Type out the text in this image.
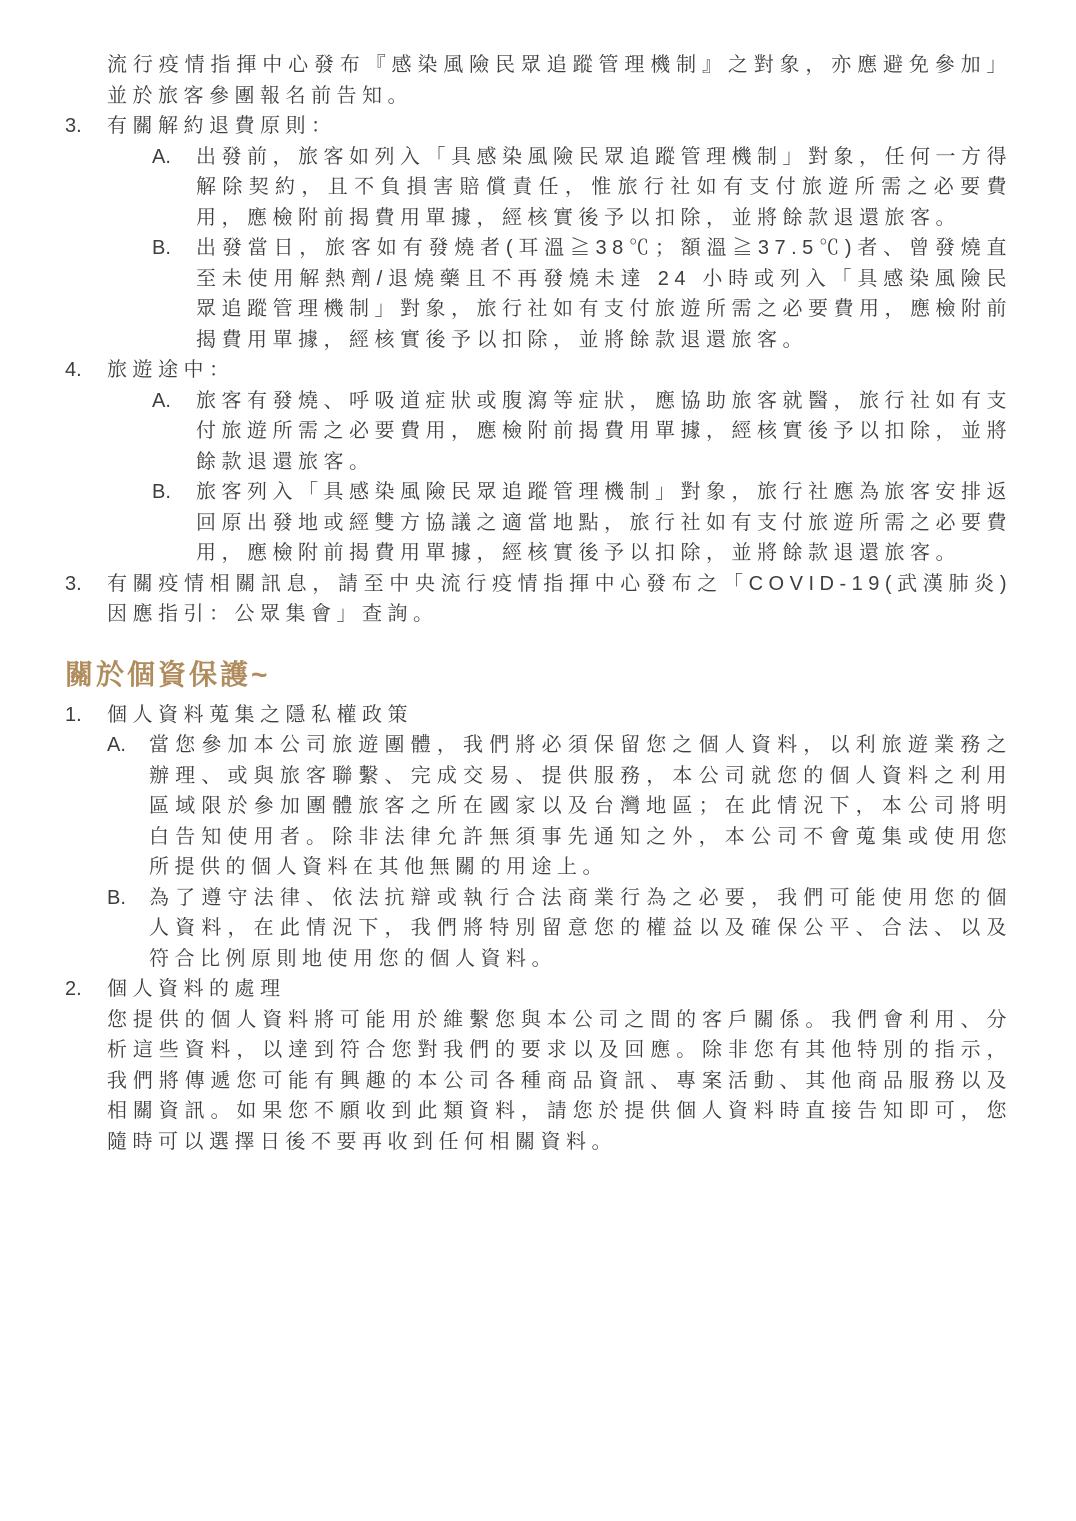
流行疫情指揮中心發布『感染風險民眾追蹤管理機制』之對象，亦應避免參加」並於旅客參團報名前告知。

3.	有關解約退費原則：

A.	出發前，旅客如列入「具感染風險民眾追蹤管理機制」對象，任何一方得解除契約，且不負損害賠償責任，惟旅行社如有支付旅遊所需之必要費用，應檢附前揭費用單據，經核實後予以扣除，並將餘款退還旅客。

B.	出發當日，旅客如有發燒者(耳溫≧38℃；額溫≧37.5℃)者、曾發燒直至未使用解熱劑/退燒藥且不再發燒未達 24 小時或列入「具感染風險民眾追蹤管理機制」對象，旅行社如有支付旅遊所需之必要費用，應檢附前揭費用單據，經核實後予以扣除，並將餘款退還旅客。

4.	旅遊途中：

A.	旅客有發燒、呼吸道症狀或腹瀉等症狀，應協助旅客就醫，旅行社如有支付旅遊所需之必要費用，應檢附前揭費用單據，經核實後予以扣除，並將餘款退還旅客。

B.	旅客列入「具感染風險民眾追蹤管理機制」對象，旅行社應為旅客安排返回原出發地或經雙方協議之適當地點，旅行社如有支付旅遊所需之必要費用，應檢附前揭費用單據，經核實後予以扣除，並將餘款退還旅客。

3.	有關疫情相關訊息，請至中央流行疫情指揮中心發布之「COVID-19(武漢肺炎)因應指引：公眾集會」查詢。

關於個資保護~
1.	個人資料蒐集之隱私權政策

A.	當您參加本公司旅遊團體，我們將必須保留您之個人資料，以利旅遊業務之辦理、或與旅客聯繫、完成交易、提供服務，本公司就您的個人資料之利用區域限於參加團體旅客之所在國家以及台灣地區；在此情況下，本公司將明白告知使用者。除非法律允許無須事先通知之外，本公司不會蒐集或使用您所提供的個人資料在其他無關的用途上。

B.	為了遵守法律、依法抗辯或執行合法商業行為之必要，我們可能使用您的個人資料，在此情況下，我們將特別留意您的權益以及確保公平、合法、以及符合比例原則地使用您的個人資料。

2.	個人資料的處理

您提供的個人資料將可能用於維繫您與本公司之間的客戶關係。我們會利用、分析這些資料，以達到符合您對我們的要求以及回應。除非您有其他特別的指示，我們將傳遞您可能有興趣的本公司各種商品資訊、專案活動、其他商品服務以及相關資訊。如果您不願收到此類資料，請您於提供個人資料時直接告知即可，您隨時可以選擇日後不要再收到任何相關資料。
